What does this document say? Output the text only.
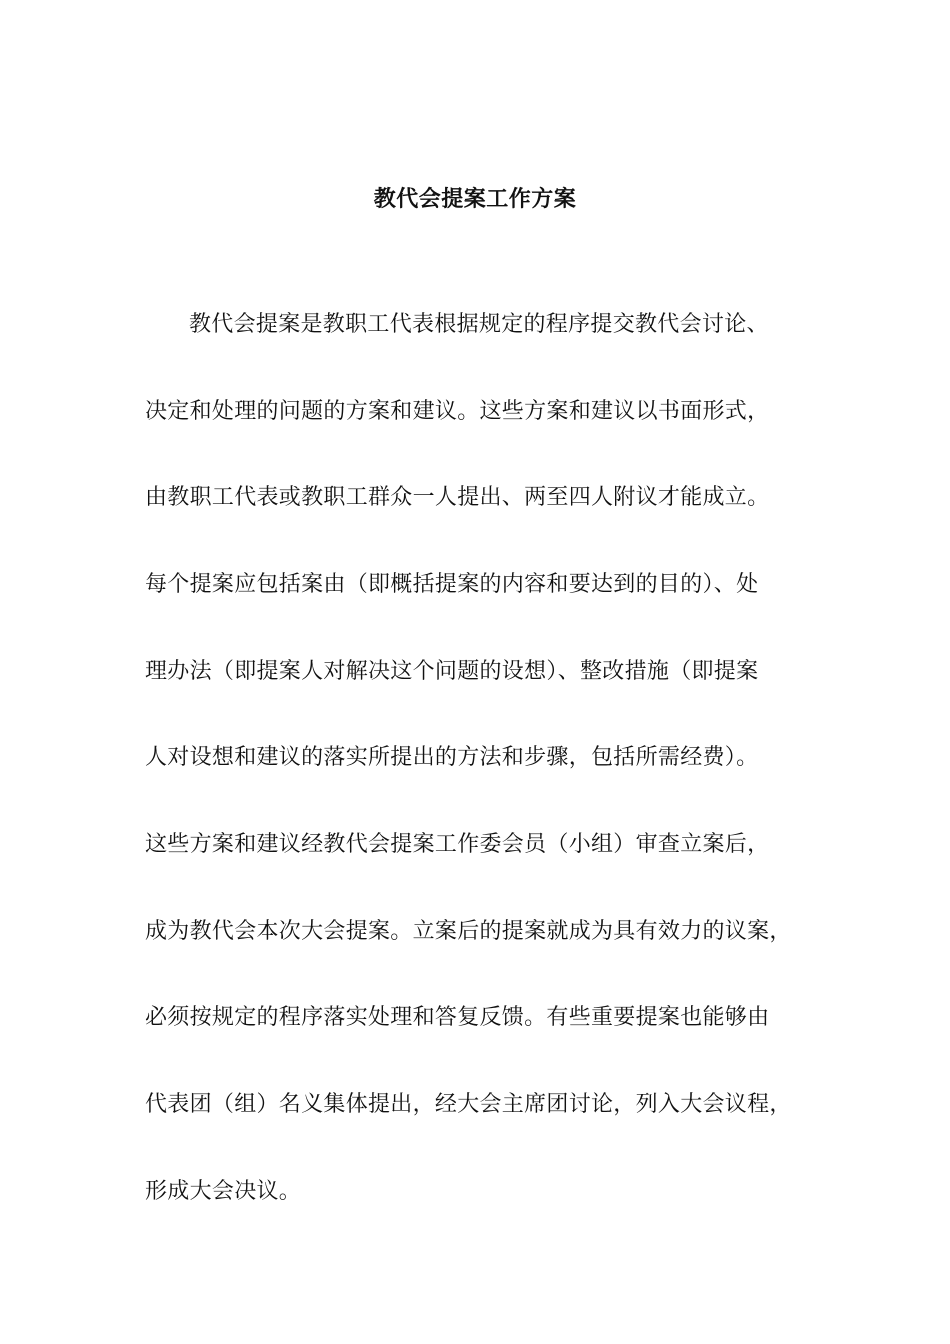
教代会提案工作方案
教代会提案是教职工代表根据规定的程序提交教代会讨论、
决定和处理的问题的方案和建议。这些方案和建议以书面形式，
由教职工代表或教职工群众一人提出、两至四人附议才能成立。
每个提案应包括案由（即概括提案的内容和要达到的目的）、处
理办法（即提案人对解决这个问题的设想）、整改措施（即提案
人对设想和建议的落实所提出的方法和步骤，包括所需经费）。
这些方案和建议经教代会提案工作委会员（小组）审查立案后，
成为教代会本次大会提案。立案后的提案就成为具有效力的议案，
必须按规定的程序落实处理和答复反馈。有些重要提案也能够由
代表团（组）名义集体提出，经大会主席团讨论，列入大会议程，
形成大会决议。
